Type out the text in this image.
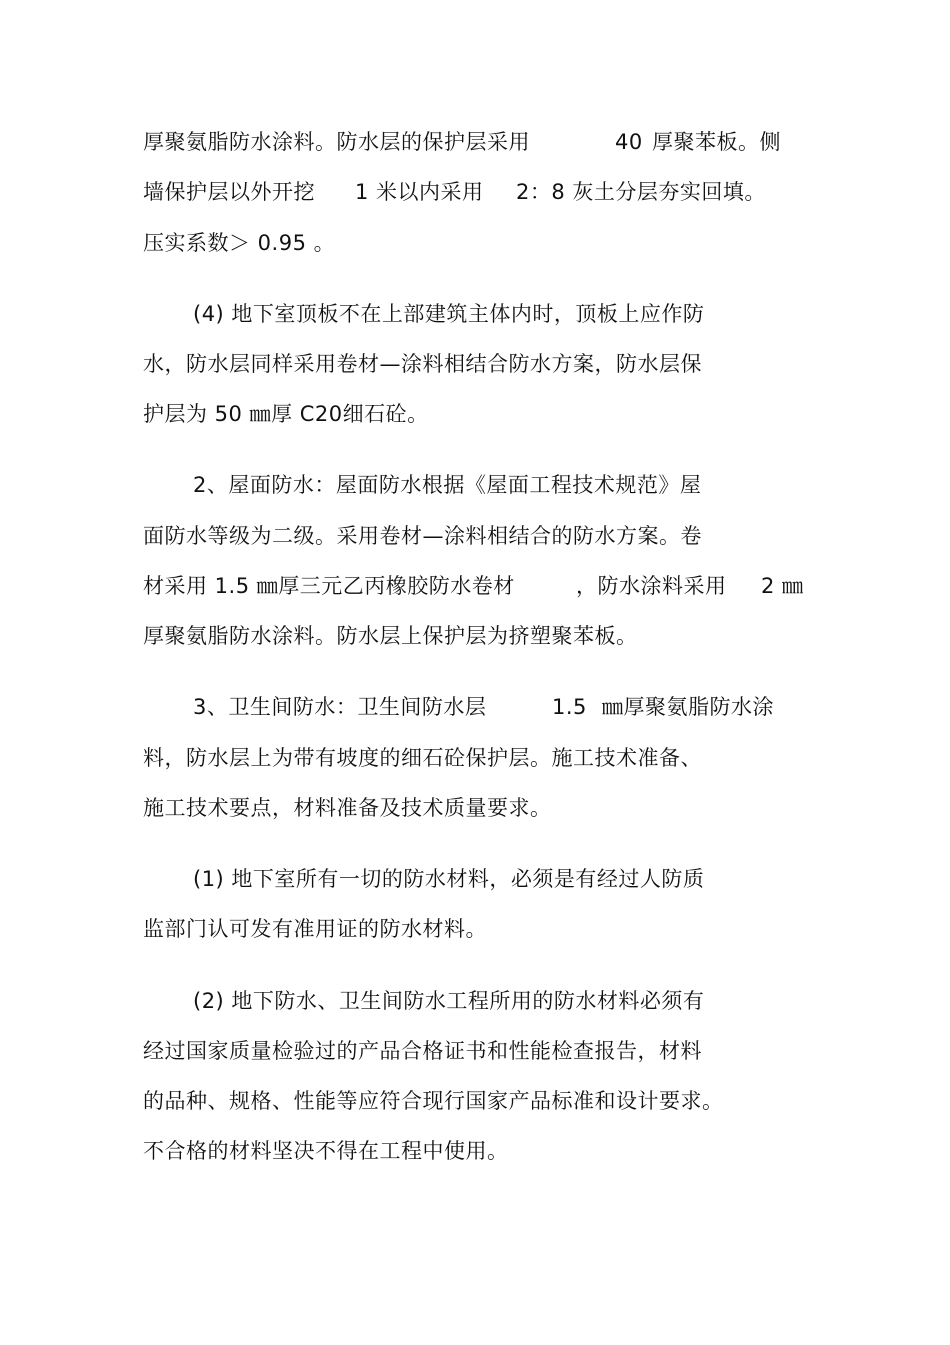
厚聚氨脂防水涂料。防水层的保护层采用	40 厚聚苯板。侧
墙保护层以外开挖	1 米以内采用	2：8 灰土分层夯实回填。
压实系数＞ 0.95 。
(4) 地下室顶板不在上部建筑主体内时，顶板上应作防
水，防水层同样采用卷材—涂料相结合防水方案，防水层保
护层为 50 ㎜厚 C20细石砼。
2、屋面防水：屋面防水根据《屋面工程技术规范》屋
面防水等级为二级。采用卷材—涂料相结合的防水方案。卷
材采用 1.5 ㎜厚三元乙丙橡胶防水卷材	，防水涂料采用	2 ㎜
厚聚氨脂防水涂料。防水层上保护层为挤塑聚苯板。
3、卫生间防水：卫生间防水层	1.5 ㎜厚聚氨脂防水涂
料，防水层上为带有坡度的细石砼保护层。施工技术准备、
施工技术要点，材料准备及技术质量要求。
(1) 地下室所有一切的防水材料，必须是有经过人防质
监部门认可发有准用证的防水材料。
(2) 地下防水、卫生间防水工程所用的防水材料必须有
经过国家质量检验过的产品合格证书和性能检查报告，材料
的品种、规格、性能等应符合现行国家产品标准和设计要求。
不合格的材料坚决不得在工程中使用。
